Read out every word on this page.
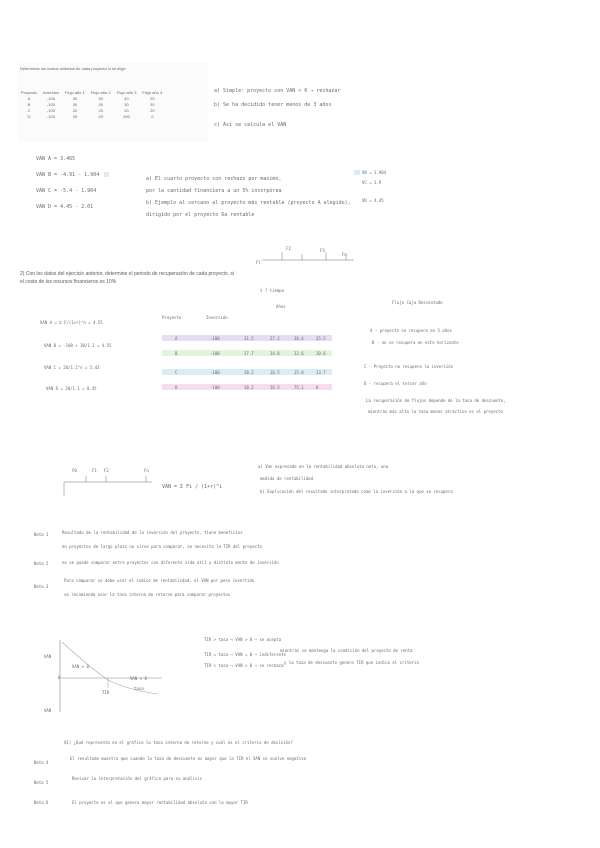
Determinar los costos unitarios de cada proyecto si se elige
Proyecto	Inversión	Flujo año 1	Flujo año 2	Flujo año 3	Flujo año 4
A	-100	30	50	40	20
B	-100	30	30	30	30
C	-100	20	20	20	20
D	-100	20	20	100	0
a) Simple: proyecto con VAN < 0 → rechazar
b) Se ha decidido tener menos de 3 años
c) Así se calcula el VAN
VAN A = 3.465
VAN B = -4.91 - 1.904
VAN C = -5.4 - 1.904
VAN D = 4.45 - 2.01
a) El cuarto proyecto con rechazo por maximo,
por la cantidad financiera a un 5% incorpórea
b) Ejemplo al cercano al proyecto más rentable (proyecto A elegido),
dirigido por el proyecto 6a rentable
VB = 1.904
VC = 1.9
VD = 4.45
Fl
F2	F3
Fn
t ? tiempo
2) Con los datos del ejercicio anterior, determine el periodo de recuperación de cada proyecto, si
el costo de los recursos financieros es 10%
VAN A = Σ F/(1+r)^n = 4.55
VAN B = -100 + 30/1.1 = 4.55
VAN C = 20/1.1^n = 5.43
VAN D = 20/1.1 = 0.45
Proyecto	Inversión
Años
A	-100	31.5	27.2	30.4	35.5
B	-100	27.7	24.8	22.6	20.6
C	-100	18.2	16.5	15.0	13.7
D	-100	18.2	16.5	75.1	0
Flujo Caja Descontado
A - proyecto se recupera en 3 años
B - no se recupera en este horizonte
C - Proyecto no recupera la inversión
D - recupera el tercer año
La recuperación de flujos depende de la tasa de descuento,
mientras más alta la tasa menos atractivo es el proyecto
F0	F1 F2	Fn
VAN = Σ Fi / (1+r)^i
a) Van expresado en la rentabilidad absoluta neta, una
medida de rentabilidad
b) Explicación del resultado interpretado como la inversión a la que se recupera
Nota 1	Resultado de la rentabilidad de la inversión del proyecto, tiene beneficios
en proyectos de largo plazo no sirve para comparar, se necesita la TIR del proyecto
Nota 2	no se puede comparar entre proyectos con diferente vida útil y distinto monto de inversión
Nota 3
Para comparar se debe usar el índice de rentabilidad, el VAN por peso invertido
se recomienda usar la tasa interna de retorno para comparar proyectos
VAN
VAN
0
tasa
TIR
VAN > 0
VAN < 0
TIR > tasa → VAN > 0 → se acepta
TIR = tasa → VAN = 0 → indiferente
TIR < tasa → VAN < 0 → se rechaza
mientras se mantenga la condición del proyecto de renta
y la tasa de descuento genera TIR que indica el criterio
Q1) ¿Qué representa en el gráfico la tasa interna de retorno y cuál es el criterio de decisión?
Nota 4
El resultado muestra que cuando la tasa de descuento es mayor que la TIR el VAN se vuelve negativo
Nota 5
Revisar la interpretación del gráfico para su análisis
Nota 6	El proyecto es el que genera mayor rentabilidad absoluta con la mayor TIR
